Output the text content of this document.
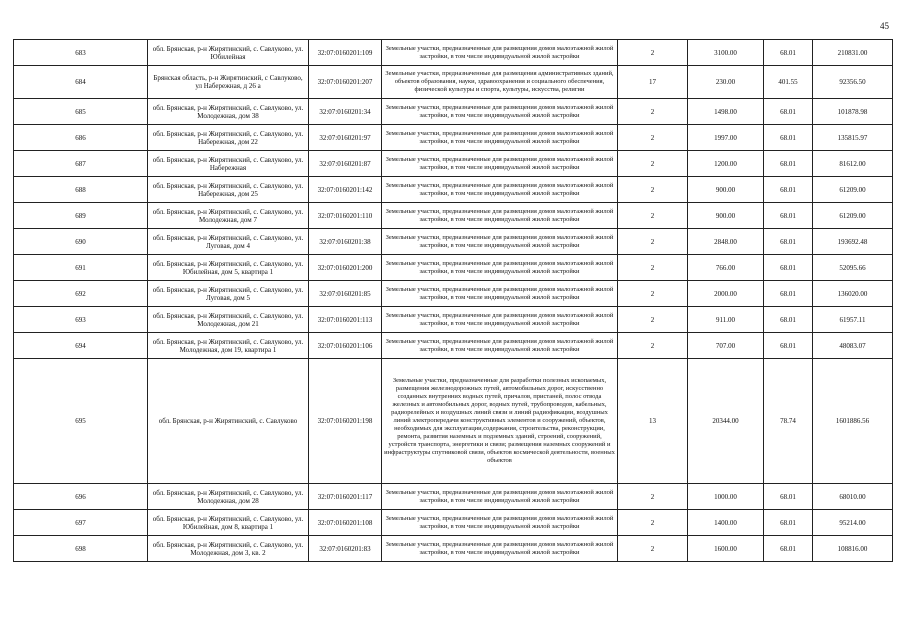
45
683	обл. Брянская, р-н Жирятинский, с. Савлуково, ул. Юбилейная	32:07:0160201:109	Земельные участки, предназначенные для размещения домов малоэтажной жилой застройки, в том числе индивидуальной жилой застройки	2	3100.00	68.01	210831.00
684	Брянская область, р-н Жирятинский, с Савлуково, ул Набережная, д 26 а	32:07:0160201:207	Земельные участки, предназначенные для размещения административных зданий, объектов образования, науки, здравоохранения и социального обеспечения, физической культуры и спорта, культуры, искусства, религии	17	230.00	401.55	92356.50
685	обл. Брянская, р-н Жирятинский, с. Савлуково, ул. Молодежная, дом 38	32:07:0160201:34	Земельные участки, предназначенные для размещения домов малоэтажной жилой застройки, в том числе индивидуальной жилой застройки	2	1498.00	68.01	101878.98
686	обл. Брянская, р-н Жирятинский, с. Савлуково, ул. Набережная, дом 22	32:07:0160201:97	Земельные участки, предназначенные для размещения домов малоэтажной жилой застройки, в том числе индивидуальной жилой застройки	2	1997.00	68.01	135815.97
687	обл. Брянская, р-н Жирятинский, с. Савлуково, ул. Набережная	32:07:0160201:87	Земельные участки, предназначенные для размещения домов малоэтажной жилой застройки, в том числе индивидуальной жилой застройки	2	1200.00	68.01	81612.00
688	обл. Брянская, р-н Жирятинский, с. Савлуково, ул. Набережная, дом 25	32:07:0160201:142	Земельные участки, предназначенные для размещения домов малоэтажной жилой застройки, в том числе индивидуальной жилой застройки	2	900.00	68.01	61209.00
689	обл. Брянская, р-н Жирятинский, с. Савлуково, ул. Молодежная, дом 7	32:07:0160201:110	Земельные участки, предназначенные для размещения домов малоэтажной жилой застройки, в том числе индивидуальной жилой застройки	2	900.00	68.01	61209.00
690	обл. Брянская, р-н Жирятинский, с. Савлуково, ул. Луговая, дом 4	32:07:0160201:38	Земельные участки, предназначенные для размещения домов малоэтажной жилой застройки, в том числе индивидуальной жилой застройки	2	2848.00	68.01	193692.48
691	обл. Брянская, р-н Жирятинский, с. Савлуково, ул. Юбилейная, дом 5, квартира 1	32:07:0160201:200	Земельные участки, предназначенные для размещения домов малоэтажной жилой застройки, в том числе индивидуальной жилой застройки	2	766.00	68.01	52095.66
692	обл. Брянская, р-н Жирятинский, с. Савлуково, ул. Луговая, дом 5	32:07:0160201:85	Земельные участки, предназначенные для размещения домов малоэтажной жилой застройки, в том числе индивидуальной жилой застройки	2	2000.00	68.01	136020.00
693	обл. Брянская, р-н Жирятинский, с. Савлуково, ул. Молодежная, дом 21	32:07:0160201:113	Земельные участки, предназначенные для размещения домов малоэтажной жилой застройки, в том числе индивидуальной жилой застройки	2	911.00	68.01	61957.11
694	обл. Брянская, р-н Жирятинский, с. Савлуково, ул. Молодежная, дом 19, квартира 1	32:07:0160201:106	Земельные участки, предназначенные для размещения домов малоэтажной жилой застройки, в том числе индивидуальной жилой застройки	2	707.00	68.01	48083.07
695	обл. Брянская, р-н Жирятинский, с. Савлуково	32:07:0160201:198	Земельные участки, предназначенные для разработки полезных ископаемых, размещения железнодорожных путей, автомобильных дорог, искусственно созданных внутренних водных путей, причалов, пристаней, полос отвода железных и автомобильных дорог, водных путей, трубопроводов, кабельных, радиорелейных и воздушных линий связи и линий радиофикации, воздушных линий электропередачи конструктивных элементов и сооружений, объектов, необходимых для эксплуатации,содержания, строительства, реконструкции, ремонта, развития наземных и подземных зданий, строений, сооружений, устройств транспорта, энергетики и связи; размещения наземных сооружений и инфраструктуры спутниковой связи, объектов космической деятельности, военных объектов	13	20344.00	78.74	1601886.56
696	обл. Брянская, р-н Жирятинский, с. Савлуково, ул. Молодежная, дом 28	32:07:0160201:117	Земельные участки, предназначенные для размещения домов малоэтажной жилой застройки, в том числе индивидуальной жилой застройки	2	1000.00	68.01	68010.00
697	обл. Брянская, р-н Жирятинский, с. Савлуково, ул. Юбилейная, дом 8, квартира 1	32:07:0160201:108	Земельные участки, предназначенные для размещения домов малоэтажной жилой застройки, в том числе индивидуальной жилой застройки	2	1400.00	68.01	95214.00
698	обл. Брянская, р-н Жирятинский, с. Савлуково, ул. Молодежная, дом 3, кв. 2	32:07:0160201:83	Земельные участки, предназначенные для размещения домов малоэтажной жилой застройки, в том числе индивидуальной жилой застройки	2	1600.00	68.01	108816.00
